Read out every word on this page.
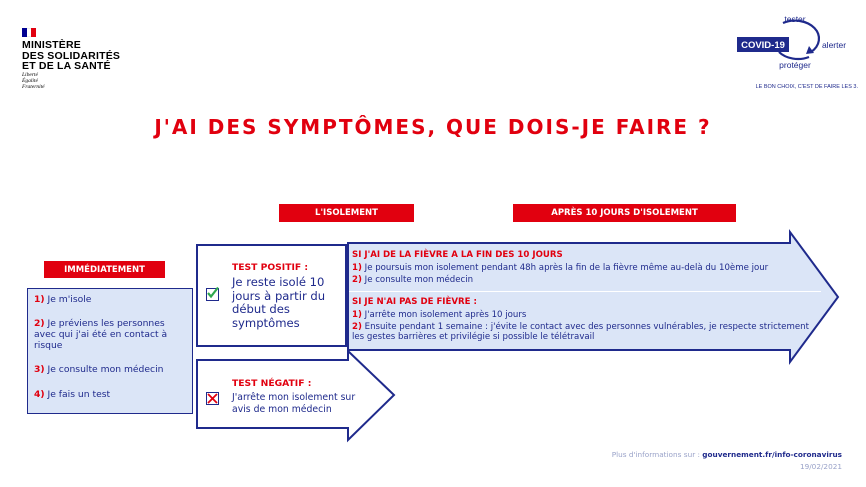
MINISTÈRE
DES SOLIDARITÉS
ET DE LA SANTÉ
Liberté
Égalité
Fraternité
COVID-19
tester
alerter
protéger
LE BON CHOIX, C'EST DE FAIRE LES 3.
J'AI DES SYMPTÔMES, QUE DOIS-JE FAIRE ?
L'ISOLEMENT	APRÈS 10 JOURS D'ISOLEMENT
IMMÉDIATEMENT
1) Je m'isole
2) Je préviens les personnes avec qui j'ai été en contact à risque
3) Je consulte mon médecin
4) Je fais un test
TEST POSITIF :
Je reste isolé 10 jours à partir du début des symptômes
TEST NÉGATIF :
J'arrête mon isolement sur avis de mon médecin
SI J'AI DE LA FIÈVRE A LA FIN DES 10 JOURS
1) Je poursuis mon isolement pendant 48h après la fin de la fièvre même au-delà du 10ème jour
2) Je consulte mon médecin
SI JE N'AI PAS DE FIÈVRE :
1) J'arrête mon isolement après 10 jours
2) Ensuite pendant 1 semaine : j'évite le contact avec des personnes vulnérables, je respecte strictement les gestes barrières et privilégie si possible le télétravail
Plus d'informations sur : gouvernement.fr/info-coronavirus
19/02/2021
